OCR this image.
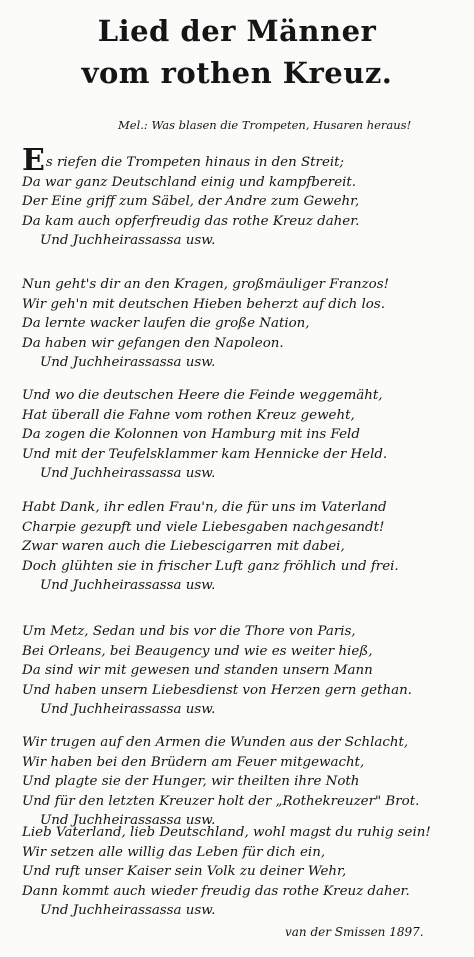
Lied der Männer
vom rothen Kreuz.
Mel.: Was blasen die Trompeten, Husaren heraus!
Es riefen die Trompeten hinaus in den Streit;
Da war ganz Deutschland einig und kampfbereit.
Der Eine griff zum Säbel, der Andre zum Gewehr,
Da kam auch opferfreudig das rothe Kreuz daher.
Und Juchheirassassa usw.
Nun geht's dir an den Kragen, großmäuliger Franzos!
Wir geh'n mit deutschen Hieben beherzt auf dich los.
Da lernte wacker laufen die große Nation,
Da haben wir gefangen den Napoleon.
Und Juchheirassassa usw.
Und wo die deutschen Heere die Feinde weggemäht,
Hat überall die Fahne vom rothen Kreuz geweht,
Da zogen die Kolonnen von Hamburg mit ins Feld
Und mit der Teufelsklammer kam Hennicke der Held.
Und Juchheirassassa usw.
Habt Dank, ihr edlen Frau'n, die für uns im Vaterland
Charpie gezupft und viele Liebesgaben nachgesandt!
Zwar waren auch die Liebescigarren mit dabei,
Doch glühten sie in frischer Luft ganz fröhlich und frei.
Und Juchheirassassa usw.
Um Metz, Sedan und bis vor die Thore von Paris,
Bei Orleans, bei Beaugency und wie es weiter hieß,
Da sind wir mit gewesen und standen unsern Mann
Und haben unsern Liebesdienst von Herzen gern gethan.
Und Juchheirassassa usw.
Wir trugen auf den Armen die Wunden aus der Schlacht,
Wir haben bei den Brüdern am Feuer mitgewacht,
Und plagte sie der Hunger, wir theilten ihre Noth
Und für den letzten Kreuzer holt der „Rothekreuzer" Brot.
Und Juchheirassassa usw.
Lieb Vaterland, lieb Deutschland, wohl magst du ruhig sein!
Wir setzen alle willig das Leben für dich ein,
Und ruft unser Kaiser sein Volk zu deiner Wehr,
Dann kommt auch wieder freudig das rothe Kreuz daher.
Und Juchheirassassa usw.
van der Smissen 1897.
